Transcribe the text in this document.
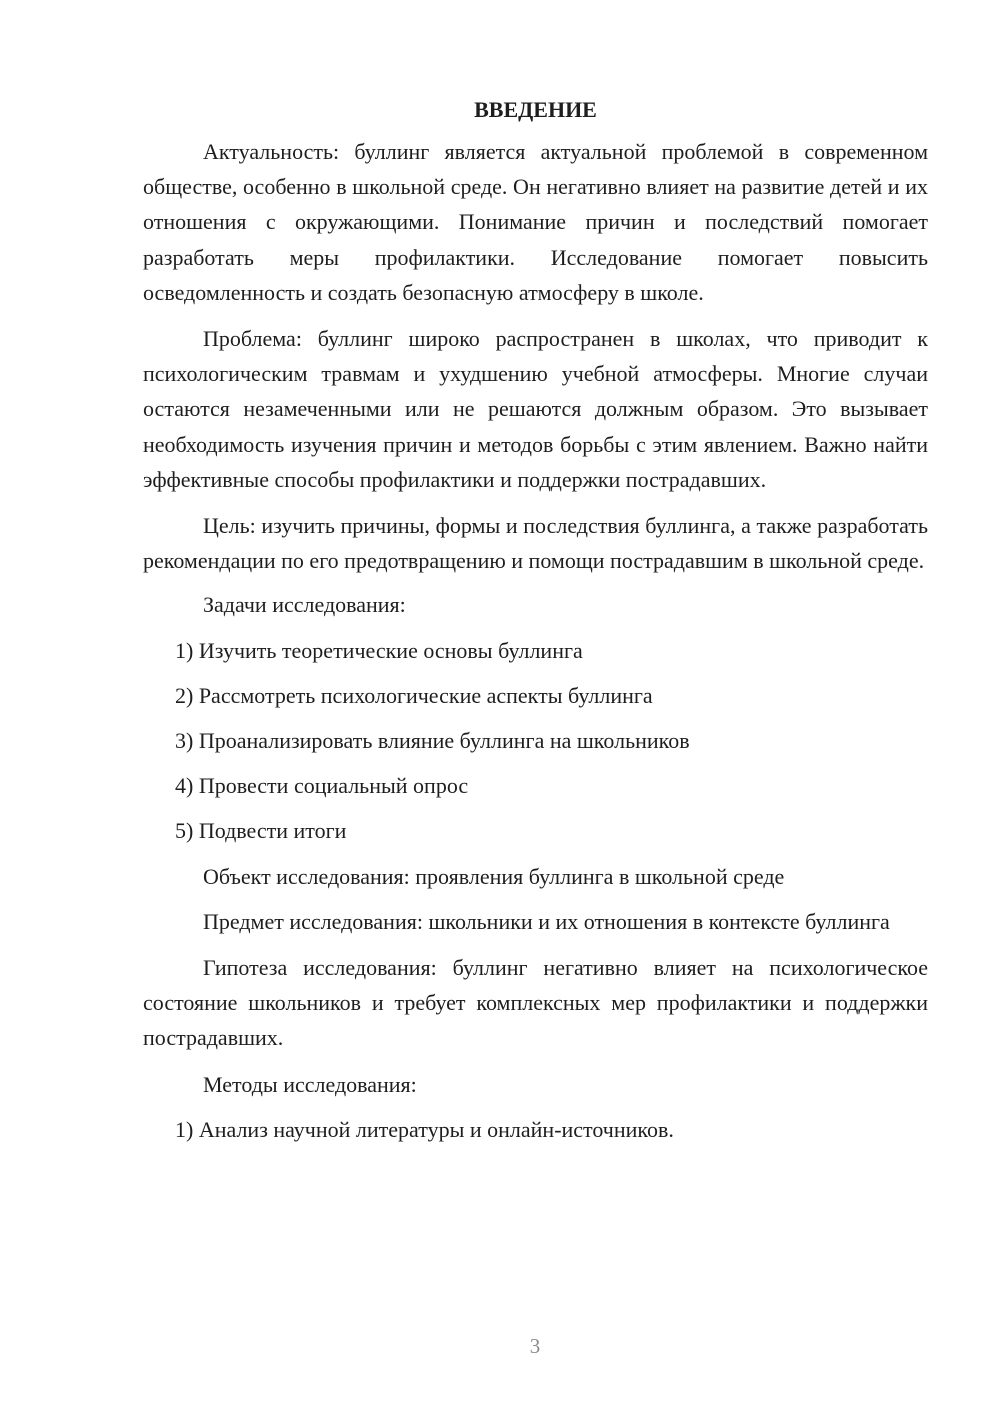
ВВЕДЕНИЕ

Актуальность: буллинг является актуальной проблемой в современном обществе, особенно в школьной среде. Он негативно влияет на развитие детей и их отношения с окружающими. Понимание причин и последствий помогает разработать меры профилактики. Исследование помогает повысить осведомленность и создать безопасную атмосферу в школе.

Проблема: буллинг широко распространен в школах, что приводит к психологическим травмам и ухудшению учебной атмосферы. Многие случаи остаются незамеченными или не решаются должным образом. Это вызывает необходимость изучения причин и методов борьбы с этим явлением. Важно найти эффективные способы профилактики и поддержки пострадавших.

Цель: изучить причины, формы и последствия буллинга, а также разработать рекомендации по его предотвращению и помощи пострадавшим в школьной среде.

Задачи исследования:

1) Изучить теоретические основы буллинга
2) Рассмотреть психологические аспекты буллинга
3) Проанализировать влияние буллинга на школьников
4) Провести социальный опрос
5) Подвести итоги

Объект исследования: проявления буллинга в школьной среде

Предмет исследования: школьники и их отношения в контексте буллинга

Гипотеза исследования: буллинг негативно влияет на психологическое состояние школьников и требует комплексных мер профилактики и поддержки пострадавших.

Методы исследования:

1) Анализ научной литературы и онлайн-источников.
3
